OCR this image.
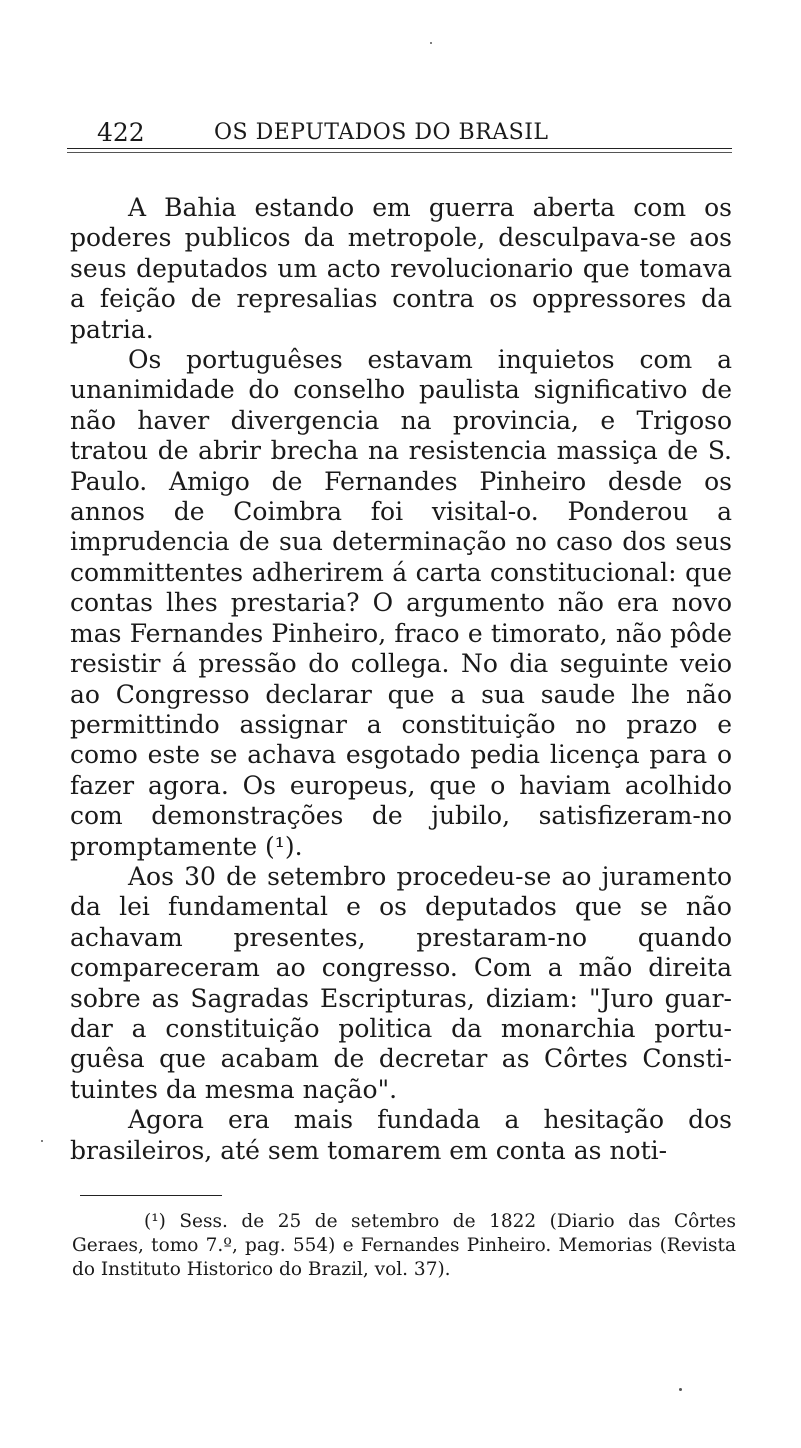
422	OS DEPUTADOS DO BRASIL

A Bahia estando em guerra aberta com os poderes publicos da metropole, desculpava-se aos seus deputados um acto revolucionario que tomava a feição de represalias contra os oppressores da patria.

Os portuguêses estavam inquietos com a unanimidade do conselho paulista significativo de não haver divergencia na provincia, e Trigoso tratou de abrir brecha na resistencia massiça de S. Paulo. Amigo de Fernandes Pinheiro desde os annos de Coimbra foi visital-o. Ponderou a imprudencia de sua determinação no caso dos seus committentes adherirem á carta constitucional: que contas lhes prestaria? O argumento não era novo mas Fernandes Pinheiro, fraco e timorato, não pôde resistir á pressão do collega. No dia seguinte veio ao Congresso declarar que a sua saude lhe não permittindo assignar a constituição no prazo e como este se achava esgotado pedia licença para o fazer agora. Os europeus, que o haviam acolhido com demonstrações de jubilo, satisfizeram-no promptamente (¹).

Aos 30 de setembro procedeu-se ao juramento da lei fundamental e os deputados que se não achavam presentes, prestaram-no quando compareceram ao congresso. Com a mão direita sobre as Sagradas Escripturas, diziam: "Juro guardar a constituição politica da monarchia portuguêsa que acabam de decretar as Côrtes Constituintes da mesma nação".

Agora era mais fundada a hesitação dos brasileiros, até sem tomarem em conta as noti-

(¹) Sess. de 25 de setembro de 1822 (Diario das Côrtes Geraes, tomo 7.º, pag. 554) e Fernandes Pinheiro. Memorias (Revista do Instituto Historico do Brazil, vol. 37).
